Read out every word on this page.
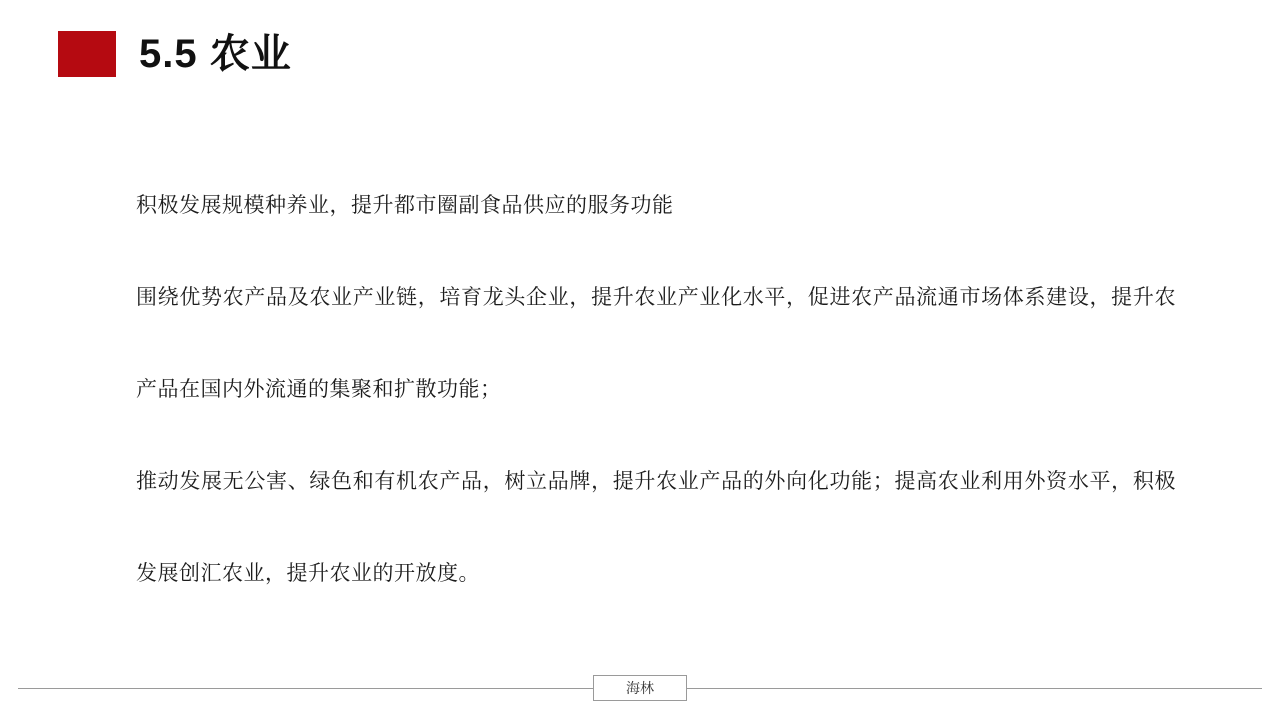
5.5 农业
积极发展规模种养业，提升都市圈副食品供应的服务功能
围绕优势农产品及农业产业链，培育龙头企业，提升农业产业化水平，促进农产品流通市场体系建设，提升农产品在国内外流通的集聚和扩散功能；
推动发展无公害、绿色和有机农产品，树立品牌，提升农业产品的外向化功能；提高农业利用外资水平，积极发展创汇农业，提升农业的开放度。
海林
